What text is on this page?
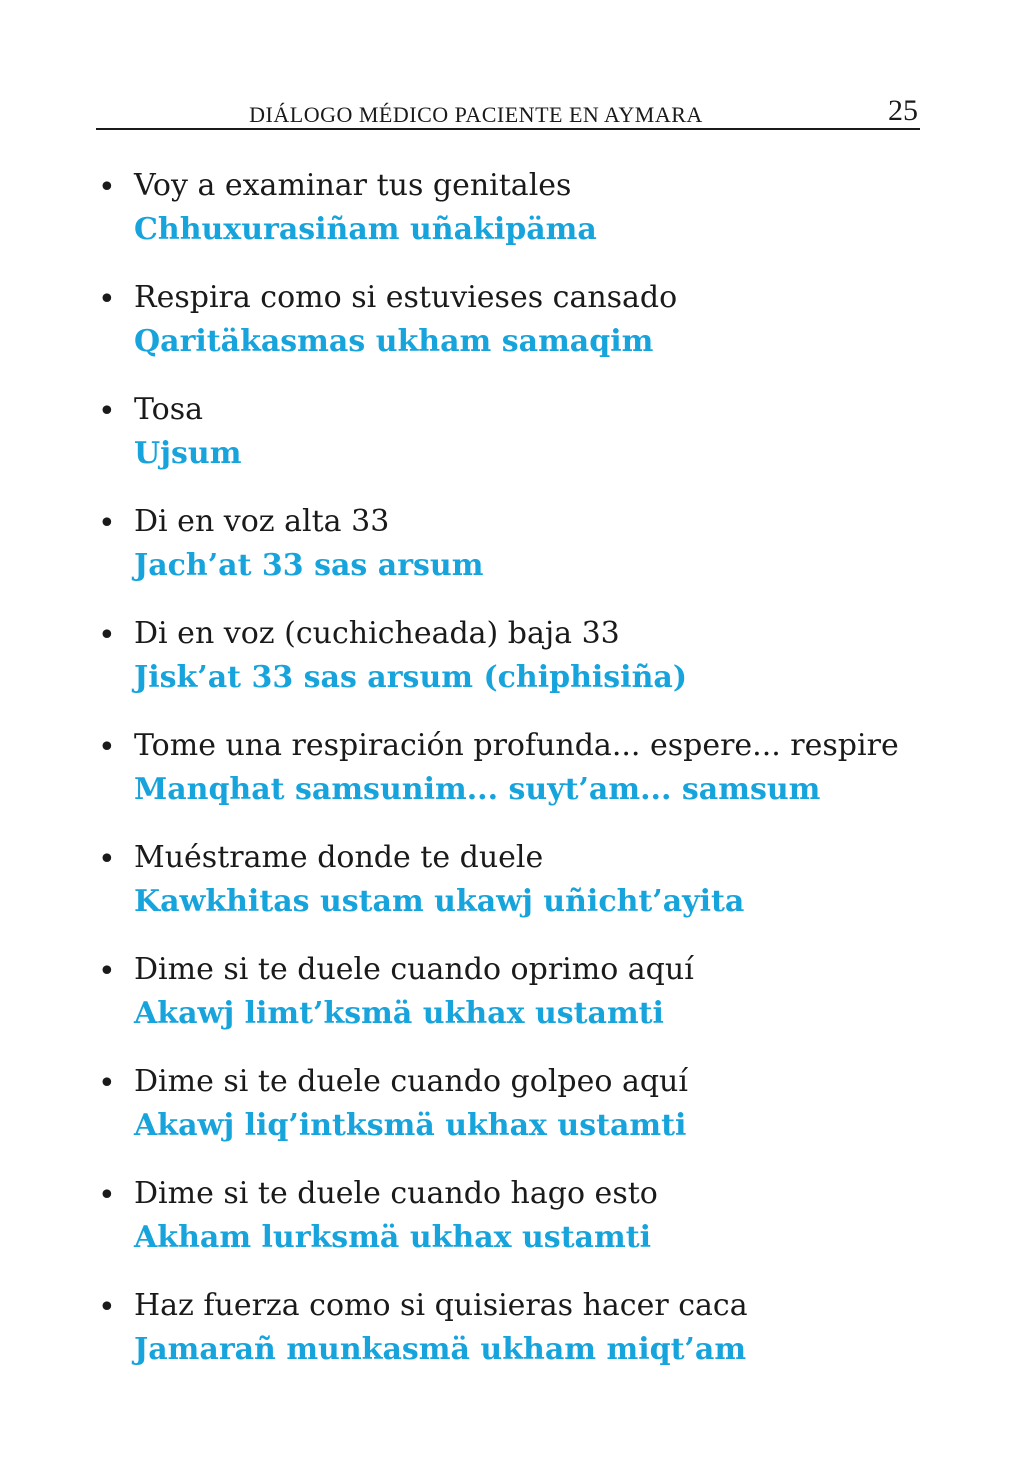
DIÁLOGO MÉDICO PACIENTE EN AYMARA	25
• Voy a examinar tus genitales
Chhuxurasiñam uñakipäma
• Respira como si estuvieses cansado
Qaritäkasmas ukham samaqim
• Tosa
Ujsum
• Di en voz alta 33
Jach’at 33 sas arsum
• Di en voz (cuchicheada) baja 33
Jisk’at 33 sas arsum (chiphisiña)
• Tome una respiración profunda... espere... respire
Manqhat samsunim... suyt’am... samsum
• Muéstrame donde te duele
Kawkhitas ustam ukawj uñicht’ayita
• Dime si te duele cuando oprimo aquí
Akawj limt’ksmä ukhax ustamti
• Dime si te duele cuando golpeo aquí
Akawj liq’intksmä ukhax ustamti
• Dime si te duele cuando hago esto
Akham lurksmä ukhax ustamti
• Haz fuerza como si quisieras hacer caca
Jamarañ munkasmä ukham miqt’am
